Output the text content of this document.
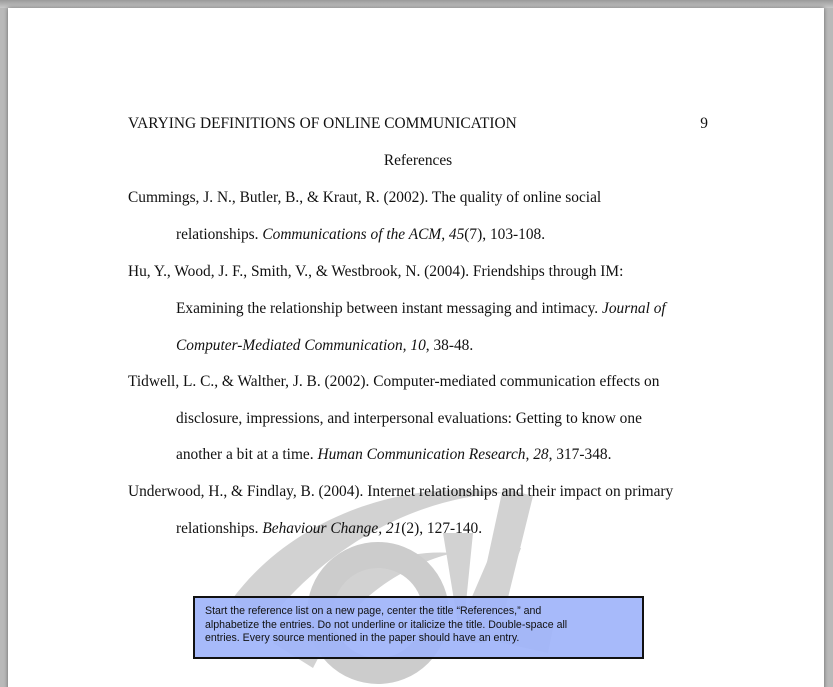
VARYING DEFINITIONS OF ONLINE COMMUNICATION	9
References
Cummings, J. N., Butler, B., & Kraut, R. (2002). The quality of online social
relationships. Communications of the ACM, 45(7), 103-108.
Hu, Y., Wood, J. F., Smith, V., & Westbrook, N. (2004). Friendships through IM:
Examining the relationship between instant messaging and intimacy. Journal of
Computer-Mediated Communication, 10, 38-48.
Tidwell, L. C., & Walther, J. B. (2002). Computer-mediated communication effects on
disclosure, impressions, and interpersonal evaluations: Getting to know one
another a bit at a time. Human Communication Research, 28, 317-348.
Underwood, H., & Findlay, B. (2004). Internet relationships and their impact on primary
relationships. Behaviour Change, 21(2), 127-140.
Start the reference list on a new page, center the title “References,” and
alphabetize the entries. Do not underline or italicize the title. Double-space all
entries. Every source mentioned in the paper should have an entry.
